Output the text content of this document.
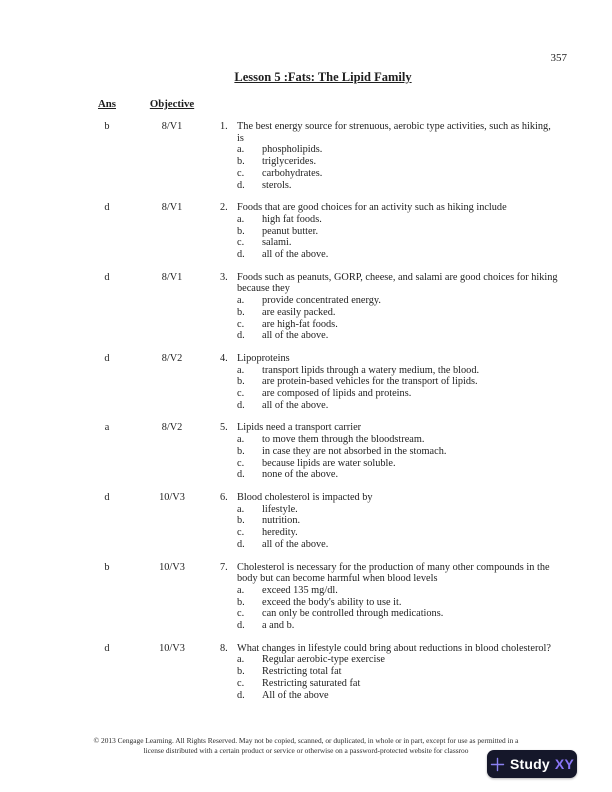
357
Lesson 5 :Fats: The Lipid Family
Ans	Objective
b	8/V1	1. The best energy source for strenuous, aerobic type activities, such as hiking,
is
a.	phospholipids.
b.	triglycerides.
c.	carbohydrates.
d.	sterols.
d	8/V1	2. Foods that are good choices for an activity such as hiking include
a.	high fat foods.
b.	peanut butter.
c.	salami.
d.	all of the above.
d	8/V1	3. Foods such as peanuts, GORP, cheese, and salami are good choices for hiking
because they
a.	provide concentrated energy.
b.	are easily packed.
c.	are high-fat foods.
d.	all of the above.
d	8/V2	4. Lipoproteins
a.	transport lipids through a watery medium, the blood.
b.	are protein-based vehicles for the transport of lipids.
c.	are composed of lipids and proteins.
d.	all of the above.
a	8/V2	5. Lipids need a transport carrier
a.	to move them through the bloodstream.
b.	in case they are not absorbed in the stomach.
c.	because lipids are water soluble.
d.	none of the above.
d	10/V3	6. Blood cholesterol is impacted by
a.	lifestyle.
b.	nutrition.
c.	heredity.
d.	all of the above.
b	10/V3	7. Cholesterol is necessary for the production of many other compounds in the
body but can become harmful when blood levels
a.	exceed 135 mg/dl.
b.	exceed the body's ability to use it.
c.	can only be controlled through medications.
d.	a and b.
d	10/V3	8. What changes in lifestyle could bring about reductions in blood cholesterol?
a.	Regular aerobic-type exercise
b.	Restricting total fat
c.	Restricting saturated fat
d.	All of the above
© 2013 Cengage Learning. All Rights Reserved. May not be copied, scanned, or duplicated, in whole or in part, except for use as permitted in a
license distributed with a certain product or service or otherwise on a password-protected website for classroo
Study XY
